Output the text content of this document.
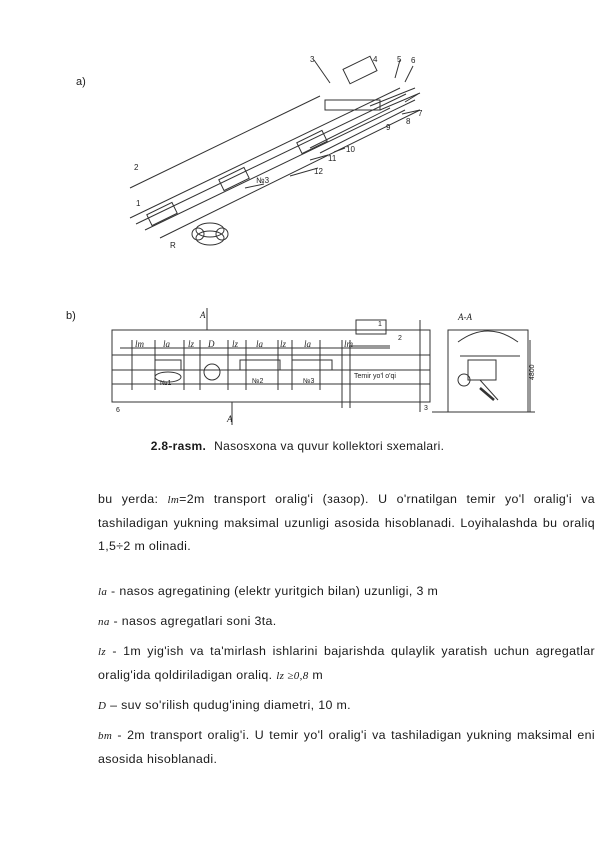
a)
1
2
3	4 5 6
7
8
9
10
11
12
№3
R
b)
lт lа lz D lz lа lz lа	lт
A
A
A-A
№1	№2	№3
Temir yo'l o'qi
1
2
3
6
4800
2.8-rasm. Nasosxona va quvur kollektori sxemalari.
bu yerda: lт=2m transport oralig'i (зазор). U o'rnatilgan temir yo'l oralig'i va tashiladigan yukning maksimal uzunligi asosida hisoblanadi. Loyihalashda bu oraliq 1,5÷2 m olinadi.
lа - nasos agregatining (elektr yuritgich bilan) uzunligi, 3 m
nа - nasos agregatlari soni 3ta.
lz - 1m yig'ish va ta'mirlash ishlarini bajarishda qulaylik yaratish uchun agregatlar oralig'ida qoldiriladigan oraliq. lz ≥0,8 m
D – suv so'rilish qudug'ining diametri, 10 m.
bт - 2m transport oralig'i. U temir yo'l oralig'i va tashiladigan yukning maksimal eni asosida hisoblanadi.
